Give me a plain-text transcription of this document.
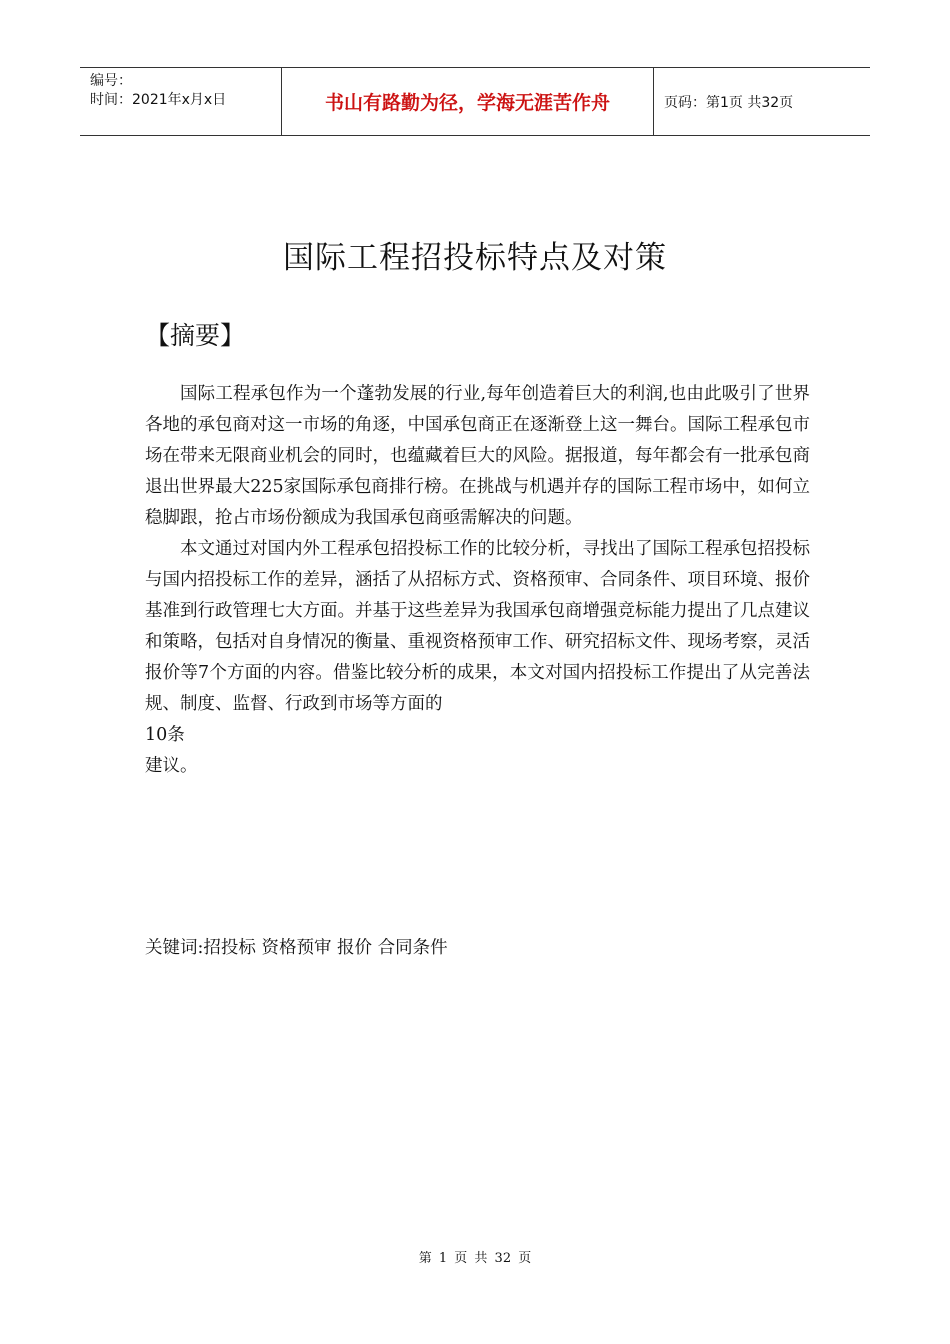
编号：
时间：2021年x月x日	书山有路勤为径，学海无涯苦作舟	页码：第1页 共32页
国际工程招投标特点及对策
【摘要】

国际工程承包作为一个蓬勃发展的行业,每年创造着巨大的利润,也由此吸引了世界各地的承包商对这一市场的角逐，中国承包商正在逐渐登上这一舞台。国际工程承包市场在带来无限商业机会的同时，也蕴藏着巨大的风险。据报道，每年都会有一批承包商退出世界最大225家国际承包商排行榜。在挑战与机遇并存的国际工程市场中，如何立稳脚跟，抢占市场份额成为我国承包商亟需解决的问题。

本文通过对国内外工程承包招投标工作的比较分析，寻找出了国际工程承包招投标与国内招投标工作的差异，涵括了从招标方式、资格预审、合同条件、项目环境、报价基准到行政管理七大方面。并基于这些差异为我国承包商增强竞标能力提出了几点建议和策略，包括对自身情况的衡量、重视资格预审工作、研究招标文件、现场考察，灵活报价等7个方面的内容。借鉴比较分析的成果，本文对国内招投标工作提出了从完善法规、制度、监督、行政到市场等方面的

10条

建议。

关键词:招投标 资格预审 报价 合同条件
第 1 页 共 32 页
